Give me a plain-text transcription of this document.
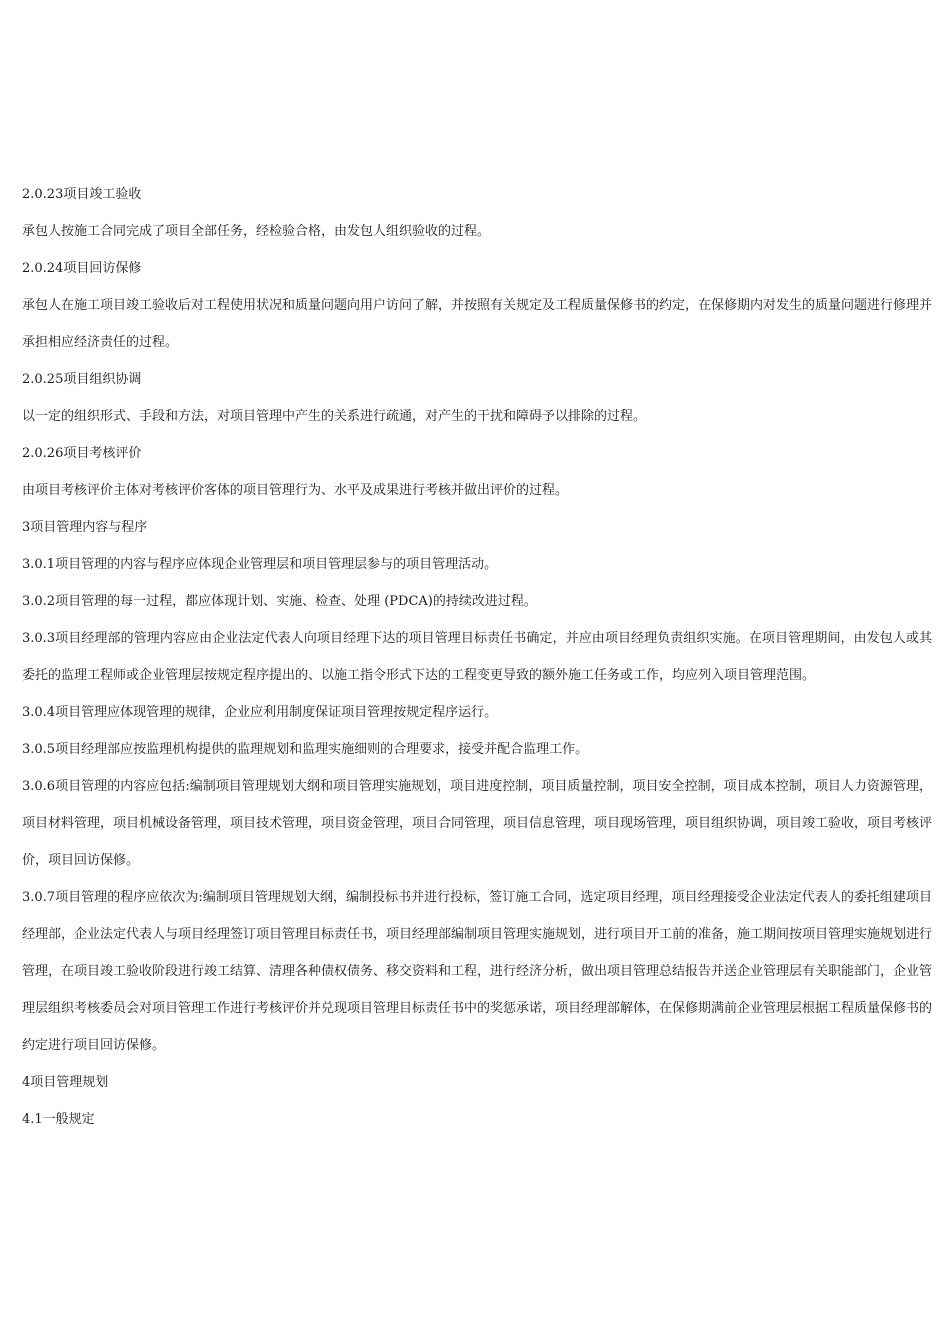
2.0.23项目竣工验收

承包人按施工合同完成了项目全部任务，经检验合格，由发包人组织验收的过程。

2.0.24项目回访保修

承包人在施工项目竣工验收后对工程使用状况和质量问题向用户访问了解，并按照有关规定及工程质量保修书的约定，在保修期内对发生的质量问题进行修理并承担相应经济责任的过程。

2.0.25项目组织协调

以一定的组织形式、手段和方法，对项目管理中产生的关系进行疏通，对产生的干扰和障碍予以排除的过程。

2.0.26项目考核评价

由项目考核评价主体对考核评价客体的项目管理行为、水平及成果进行考核并做出评价的过程。

3项目管理内容与程序

3.0.1项目管理的内容与程序应体现企业管理层和项目管理层参与的项目管理活动。

3.0.2项目管理的每一过程，都应体现计划、实施、检查、处理 (PDCA)的持续改进过程。

3.0.3项目经理部的管理内容应由企业法定代表人向项目经理下达的项目管理目标责任书确定，并应由项目经理负责组织实施。在项目管理期间，由发包人或其委托的监理工程师或企业管理层按规定程序提出的、以施工指令形式下达的工程变更导致的额外施工任务或工作，均应列入项目管理范围。

3.0.4项目管理应体现管理的规律，企业应利用制度保证项目管理按规定程序运行。

3.0.5项目经理部应按监理机构提供的监理规划和监理实施细则的合理要求，接受并配合监理工作。

3.0.6项目管理的内容应包括:编制项目管理规划大纲和项目管理实施规划，项目进度控制，项目质量控制，项目安全控制，项目成本控制，项目人力资源管理，项目材料管理，项目机械设备管理，项目技术管理，项目资金管理，项目合同管理，项目信息管理，项目现场管理，项目组织协调，项目竣工验收，项目考核评价，项目回访保修。

3.0.7项目管理的程序应依次为:编制项目管理规划大纲，编制投标书并进行投标，签订施工合同，选定项目经理，项目经理接受企业法定代表人的委托组建项目经理部，企业法定代表人与项目经理签订项目管理目标责任书，项目经理部编制项目管理实施规划，进行项目开工前的准备，施工期间按项目管理实施规划进行管理，在项目竣工验收阶段进行竣工结算、清理各种债权债务、移交资料和工程，进行经济分析，做出项目管理总结报告并送企业管理层有关职能部门，企业管理层组织考核委员会对项目管理工作进行考核评价并兑现项目管理目标责任书中的奖惩承诺，项目经理部解体，在保修期满前企业管理层根据工程质量保修书的约定进行项目回访保修。

4项目管理规划

4.1一般规定
